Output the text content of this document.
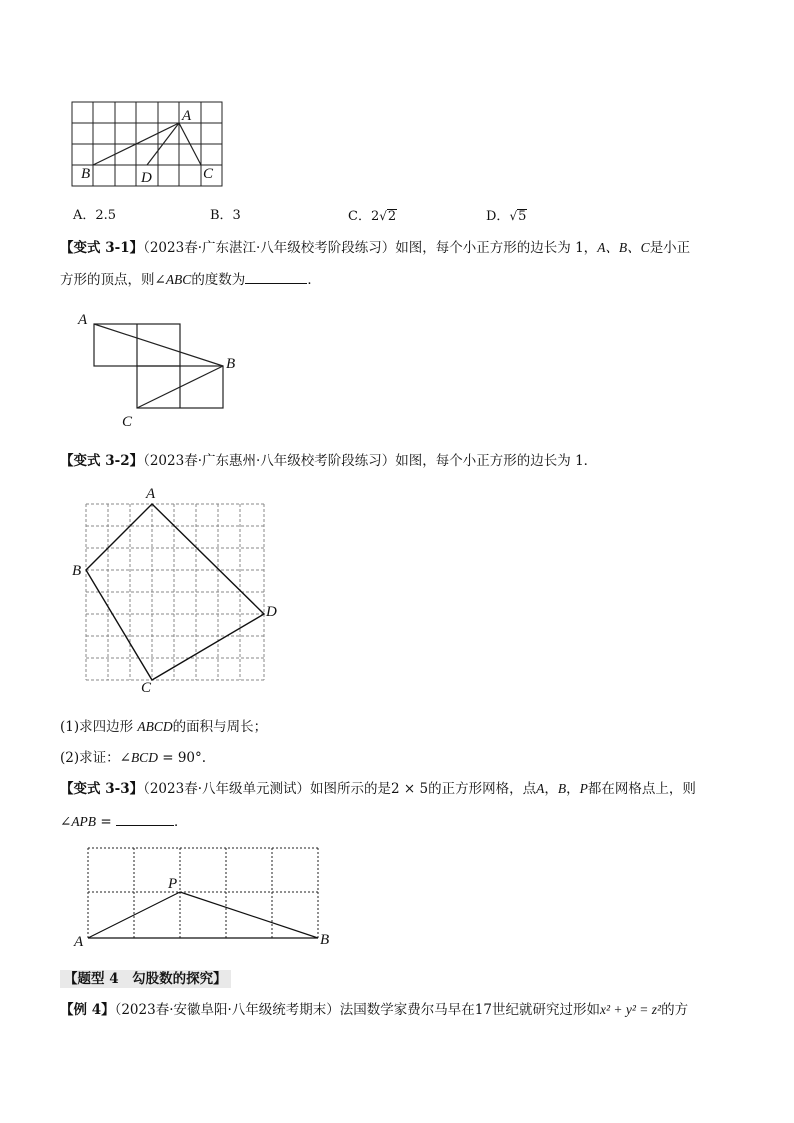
A
B	D	C
A．2.5	B．3	C．2√2	D．√5
【变式 3-1】（2023春·广东湛江·八年级校考阶段练习）如图，每个小正方形的边长为 1，A、B、C是小正
方形的顶点，则∠ABC的度数为	．
A
B
C
【变式 3-2】（2023春·广东惠州·八年级校考阶段练习）如图，每个小正方形的边长为 1．
A
B
C
D
(1)求四边形 ABCD的面积与周长；
(2)求证：∠BCD = 90°.
【变式 3-3】（2023春·八年级单元测试）如图所示的是2 × 5的正方形网格，点A，B，P都在网格点上，则
∠APB =	．
P
A	B
【题型 4　勾股数的探究】
【例 4】（2023春·安徽阜阳·八年级统考期末）法国数学家费尔马早在17世纪就研究过形如x² + y² = z²的方
